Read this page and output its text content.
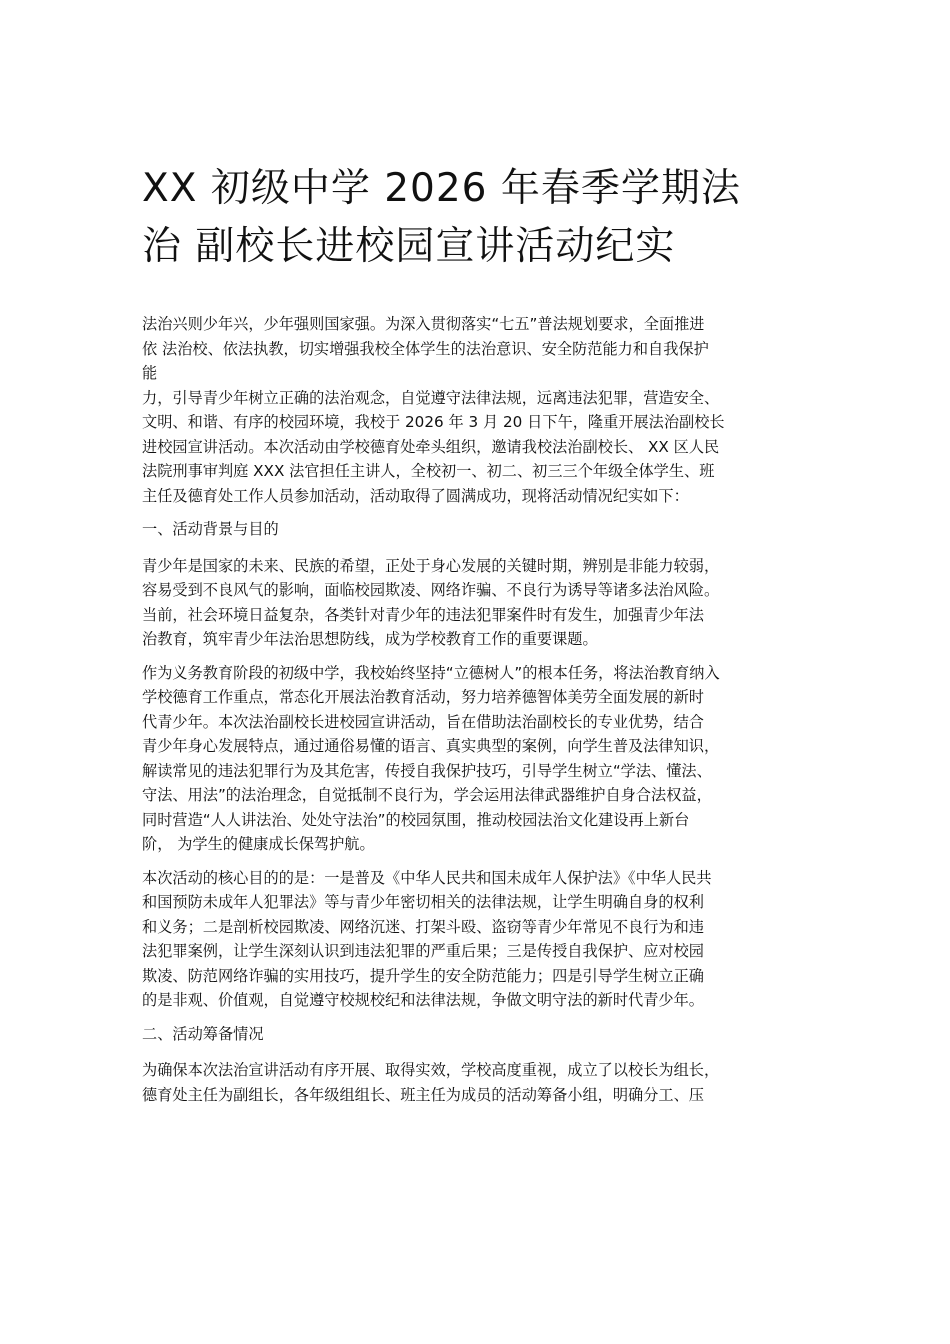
XX 初级中学 2026 年春季学期法
治 副校长进校园宣讲活动纪实
法治兴则少年兴，少年强则国家强。为深入贯彻落实“七五”普法规划要求，全面推进
依 法治校、依法执教，切实增强我校全体学生的法治意识、安全防范能力和自我保护
能
力，引导青少年树立正确的法治观念，自觉遵守法律法规，远离违法犯罪，营造安全、
文明、和谐、有序的校园环境，我校于 2026 年 3 月 20 日下午，隆重开展法治副校长
进校园宣讲活动。本次活动由学校德育处牵头组织，邀请我校法治副校长、 XX 区人民
法院刑事审判庭 XXX 法官担任主讲人，全校初一、初二、初三三个年级全体学生、班
主任及德育处工作人员参加活动，活动取得了圆满成功，现将活动情况纪实如下：
一、活动背景与目的
青少年是国家的未来、民族的希望，正处于身心发展的关键时期，辨别是非能力较弱，
容易受到不良风气的影响，面临校园欺凌、网络诈骗、不良行为诱导等诸多法治风险。
当前，社会环境日益复杂，各类针对青少年的违法犯罪案件时有发生，加强青少年法
治教育，筑牢青少年法治思想防线，成为学校教育工作的重要课题。
作为义务教育阶段的初级中学，我校始终坚持“立德树人”的根本任务，将法治教育纳入
学校德育工作重点，常态化开展法治教育活动，努力培养德智体美劳全面发展的新时
代青少年。本次法治副校长进校园宣讲活动，旨在借助法治副校长的专业优势，结合
青少年身心发展特点，通过通俗易懂的语言、真实典型的案例，向学生普及法律知识，
解读常见的违法犯罪行为及其危害，传授自我保护技巧，引导学生树立“学法、懂法、
守法、用法”的法治理念，自觉抵制不良行为，学会运用法律武器维护自身合法权益，
同时营造“人人讲法治、处处守法治”的校园氛围，推动校园法治文化建设再上新台
阶， 为学生的健康成长保驾护航。
本次活动的核心目的的是：一是普及《中华人民共和国未成年人保护法》《中华人民共
和国预防未成年人犯罪法》等与青少年密切相关的法律法规，让学生明确自身的权利
和义务；二是剖析校园欺凌、网络沉迷、打架斗殴、盗窃等青少年常见不良行为和违
法犯罪案例，让学生深刻认识到违法犯罪的严重后果；三是传授自我保护、应对校园
欺凌、防范网络诈骗的实用技巧，提升学生的安全防范能力；四是引导学生树立正确
的是非观、价值观，自觉遵守校规校纪和法律法规，争做文明守法的新时代青少年。
二、活动筹备情况
为确保本次法治宣讲活动有序开展、取得实效，学校高度重视，成立了以校长为组长，
德育处主任为副组长，各年级组组长、班主任为成员的活动筹备小组，明确分工、压
